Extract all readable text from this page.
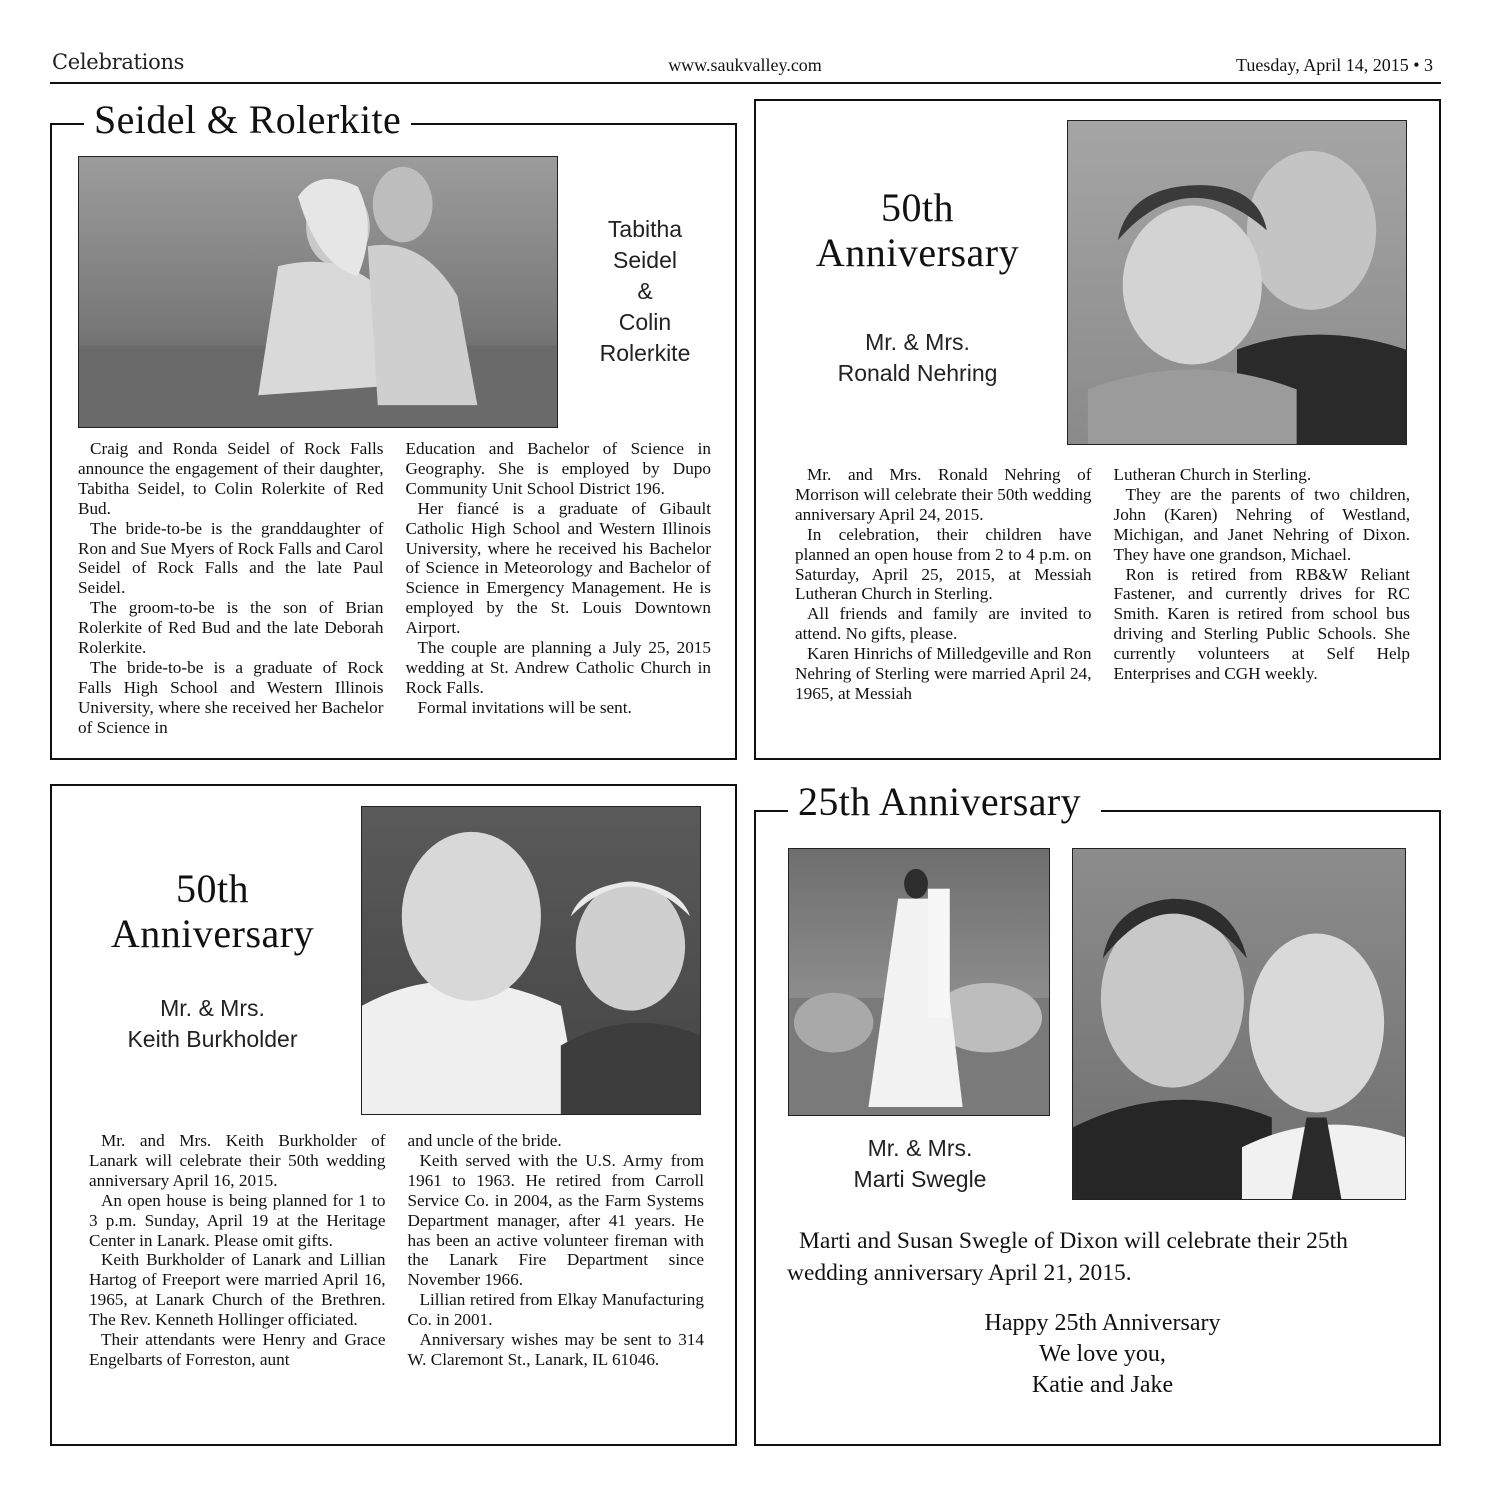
Celebrations	www.saukvalley.com	Tuesday, April 14, 2015 • 3
Seidel & Rolerkite
Tabitha
Seidel
&
Colin
Rolerkite

Craig and Ronda Seidel of Rock Falls announce the engagement of their daughter, Tabitha Seidel, to Colin Rolerkite of Red Bud.

The bride-to-be is the granddaughter of Ron and Sue Myers of Rock Falls and Carol Seidel of Rock Falls and the late Paul Seidel.

The groom-to-be is the son of Brian Rolerkite of Red Bud and the late Deborah Rolerkite.

The bride-to-be is a graduate of Rock Falls High School and Western Illinois University, where she received her Bachelor of Science in

Education and Bachelor of Science in Geography. She is employed by Dupo Community Unit School District 196.

Her fiancé is a graduate of Gibault Catholic High School and Western Illinois University, where he received his Bachelor of Science in Meteorology and Bachelor of Science in Emergency Management. He is employed by the St. Louis Downtown Airport.

The couple are planning a July 25, 2015 wedding at St. Andrew Catholic Church in Rock Falls.

Formal invitations will be sent.

50th
Anniversary
Mr. & Mrs.
Ronald Nehring

Mr. and Mrs. Ronald Nehring of Morrison will celebrate their 50th wedding anniversary April 24, 2015.

In celebration, their children have planned an open house from 2 to 4 p.m. on Saturday, April 25, 2015, at Messiah Lutheran Church in Sterling.

All friends and family are invited to attend. No gifts, please.

Karen Hinrichs of Milledgeville and Ron Nehring of Sterling were married April 24, 1965, at Messiah

Lutheran Church in Sterling.

They are the parents of two children, John (Karen) Nehring of Westland, Michigan, and Janet Nehring of Dixon. They have one grandson, Michael.

Ron is retired from RB&W Reliant Fastener, and currently drives for RC Smith. Karen is retired from school bus driving and Sterling Public Schools. She currently volunteers at Self Help Enterprises and CGH weekly.

50th
Anniversary
Mr. & Mrs.
Keith Burkholder

Mr. and Mrs. Keith Burkholder of Lanark will celebrate their 50th wedding anniversary April 16, 2015.

An open house is being planned for 1 to 3 p.m. Sunday, April 19 at the Heritage Center in Lanark. Please omit gifts.

Keith Burkholder of Lanark and Lillian Hartog of Freeport were married April 16, 1965, at Lanark Church of the Brethren. The Rev. Kenneth Hollinger officiated.

Their attendants were Henry and Grace Engelbarts of Forreston, aunt

and uncle of the bride.

Keith served with the U.S. Army from 1961 to 1963. He retired from Carroll Service Co. in 2004, as the Farm Systems Department manager, after 41 years. He has been an active volunteer fireman with the Lanark Fire Department since November 1966.

Lillian retired from Elkay Manufacturing Co. in 2001.

Anniversary wishes may be sent to 314 W. Claremont St., Lanark, IL 61046.

25th Anniversary
Mr. & Mrs.
Marti Swegle
Marti and Susan Swegle of Dixon will celebrate their 25th wedding anniversary April 21, 2015.
Happy 25th Anniversary
We love you,
Katie and Jake
